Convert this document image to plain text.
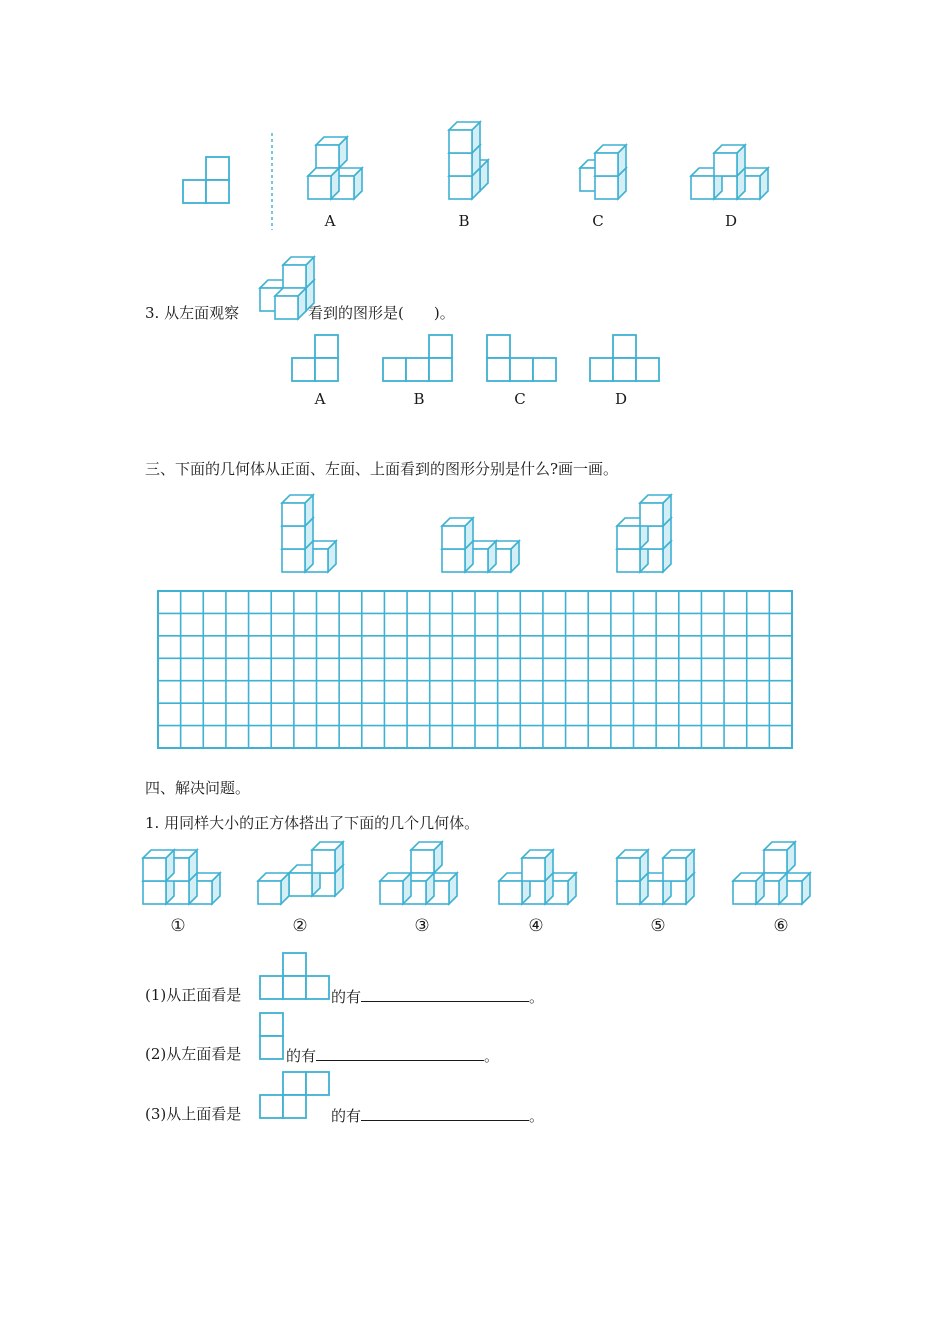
A	B	C	D
3. 从左面观察	看到的图形是(　　)。
A	B	C	D
三、下面的几何体从正面、左面、上面看到的图形分别是什么?画一画。
四、解决问题。
1. 用同样大小的正方体搭出了下面的几个几何体。
①	②	③	④	⑤	⑥
(1)从正面看是	的有	。
(2)从左面看是	的有	。
(3)从上面看是	的有	。
